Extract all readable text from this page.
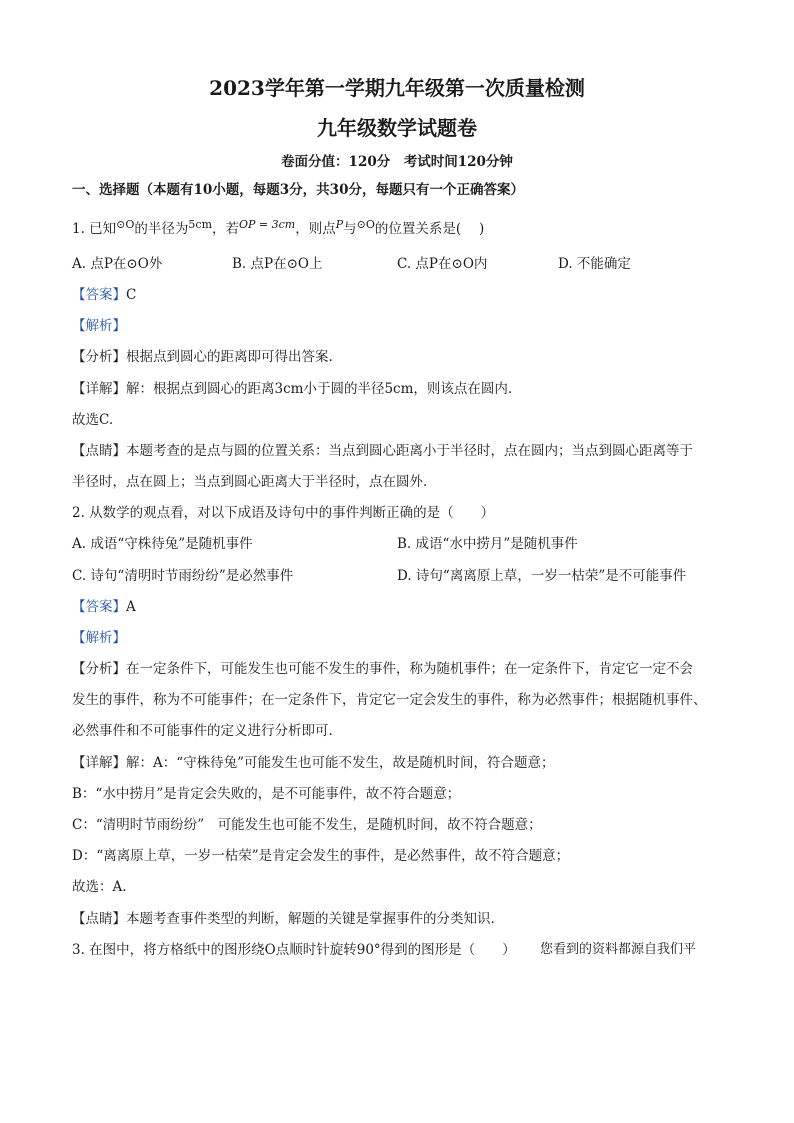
2023学年第一学期九年级第一次质量检测
九年级数学试题卷
卷面分值：120分　考试时间120分钟
一、选择题（本题有10小题，每题3分，共30分，每题只有一个正确答案）
1. 已知$^{⊙O}$的半径为$^{5cm}$，若$^{OP = 3cm}$，则点$^P$与$^{⊙O}$的位置关系是(　 )
A. 点P在⊙O外	B. 点P在⊙O上	C. 点P在⊙O内	D. 不能确定
【答案】C
【解析】
【分析】根据点到圆心的距离即可得出答案.
【详解】解：根据点到圆心的距离3cm小于圆的半径5cm，则该点在圆内.
故选C.
【点睛】本题考查的是点与圆的位置关系：当点到圆心距离小于半径时，点在圆内；当点到圆心距离等于
半径时，点在圆上；当点到圆心距离大于半径时，点在圆外.
2. 从数学的观点看，对以下成语及诗句中的事件判断正确的是（　　）
A. 成语“守株待兔”是随机事件	B. 成语“水中捞月”是随机事件
C. 诗句“清明时节雨纷纷”是必然事件	D. 诗句“离离原上草，一岁一枯荣”是不可能事件
【答案】A
【解析】
【分析】在一定条件下，可能发生也可能不发生的事件，称为随机事件；在一定条件下，肯定它一定不会
发生的事件，称为不可能事件；在一定条件下，肯定它一定会发生的事件，称为必然事件；根据随机事件、
必然事件和不可能事件的定义进行分析即可.
【详解】解：A：“守株待兔”可能发生也可能不发生，故是随机时间，符合题意；
B：“水中捞月”是肯定会失败的，是不可能事件，故不符合题意；
C：“清明时节雨纷纷”　可能发生也可能不发生，是随机时间，故不符合题意；
D：“离离原上草，一岁一枯荣”是肯定会发生的事件，是必然事件，故不符合题意；
故选：A.
【点睛】本题考查事件类型的判断，解题的关键是掌握事件的分类知识.
3. 在图中，将方格纸中的图形绕O点顺时针旋转90°得到的图形是（　　） 您看到的资料都源自我们平
